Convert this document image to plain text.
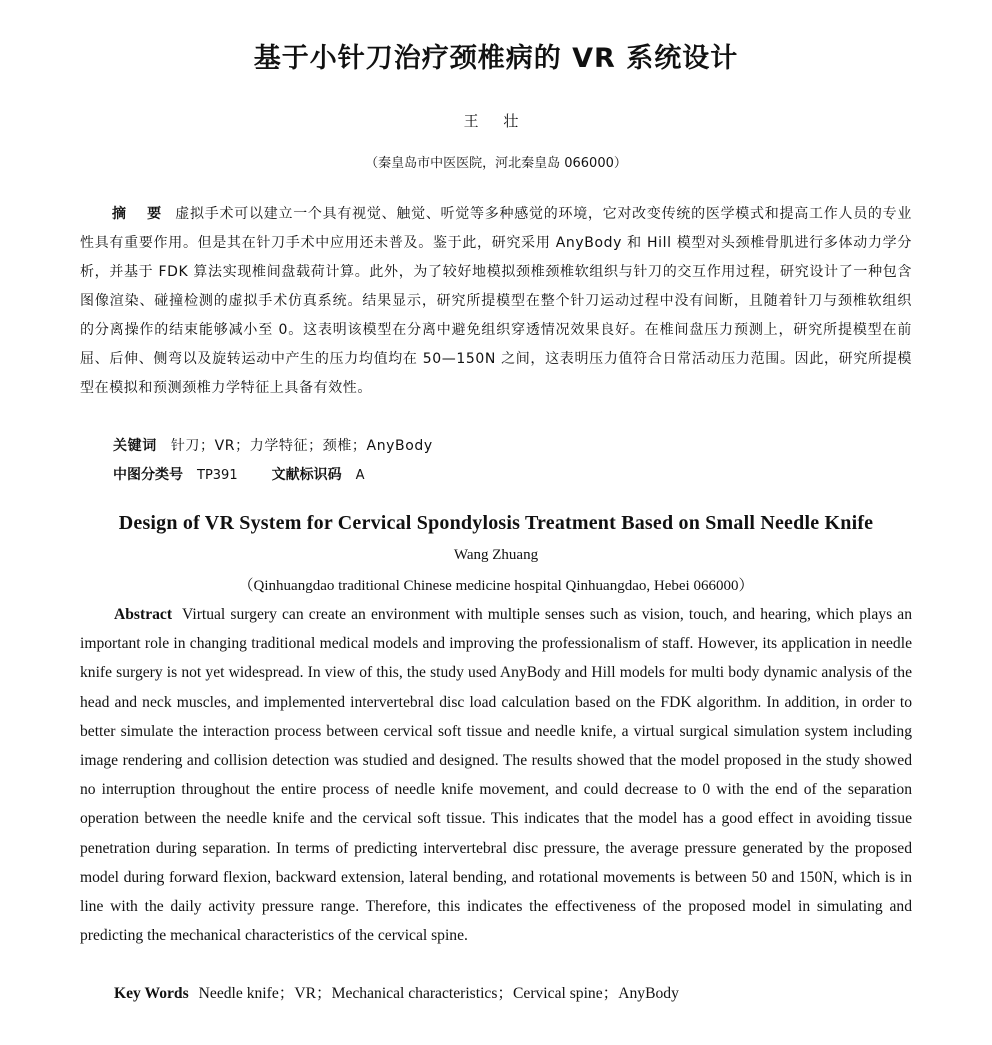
基于小针刀治疗颈椎病的 VR 系统设计
王 壮
（秦皇岛市中医医院，河北秦皇岛 066000）
摘 要 虚拟手术可以建立一个具有视觉、触觉、听觉等多种感觉的环境，它对改变传统的医学模式和提高工作人员的专业性具有重要作用。但是其在针刀手术中应用还未普及。鉴于此，研究采用 AnyBody 和 Hill 模型对头颈椎骨肌进行多体动力学分析，并基于 FDK 算法实现椎间盘载荷计算。此外，为了较好地模拟颈椎颈椎软组织与针刀的交互作用过程，研究设计了一种包含图像渲染、碰撞检测的虚拟手术仿真系统。结果显示，研究所提模型在整个针刀运动过程中没有间断，且随着针刀与颈椎软组织的分离操作的结束能够减小至 0。这表明该模型在分离中避免组织穿透情况效果良好。在椎间盘压力预测上，研究所提模型在前屈、后伸、侧弯以及旋转运动中产生的压力均值均在 50—150N 之间，这表明压力值符合日常活动压力范围。因此，研究所提模型在模拟和预测颈椎力学特征上具备有效性。
关键词 针刀；VR；力学特征；颈椎；AnyBody
中图分类号 TP391 文献标识码 A
Design of VR System for Cervical Spondylosis Treatment Based on Small Needle Knife
Wang Zhuang
（Qinhuangdao traditional Chinese medicine hospital Qinhuangdao, Hebei 066000）
Abstract Virtual surgery can create an environment with multiple senses such as vision, touch, and hearing, which plays an important role in changing traditional medical models and improving the professionalism of staff. However, its application in needle knife surgery is not yet widespread. In view of this, the study used AnyBody and Hill models for multi body dynamic analysis of the head and neck muscles, and implemented intervertebral disc load calculation based on the FDK algorithm. In addition, in order to better simulate the interaction process between cervical soft tissue and needle knife, a virtual surgical simulation system including image rendering and collision detection was studied and designed. The results showed that the model proposed in the study showed no interruption throughout the entire process of needle knife movement, and could decrease to 0 with the end of the separation operation between the needle knife and the cervical soft tissue. This indicates that the model has a good effect in avoiding tissue penetration during separation. In terms of predicting intervertebral disc pressure, the average pressure generated by the proposed model during forward flexion, backward extension, lateral bending, and rotational movements is between 50 and 150N, which is in line with the daily activity pressure range. Therefore, this indicates the effectiveness of the proposed model in simulating and predicting the mechanical characteristics of the cervical spine.
Key Words Needle knife；VR；Mechanical characteristics；Cervical spine；AnyBody
